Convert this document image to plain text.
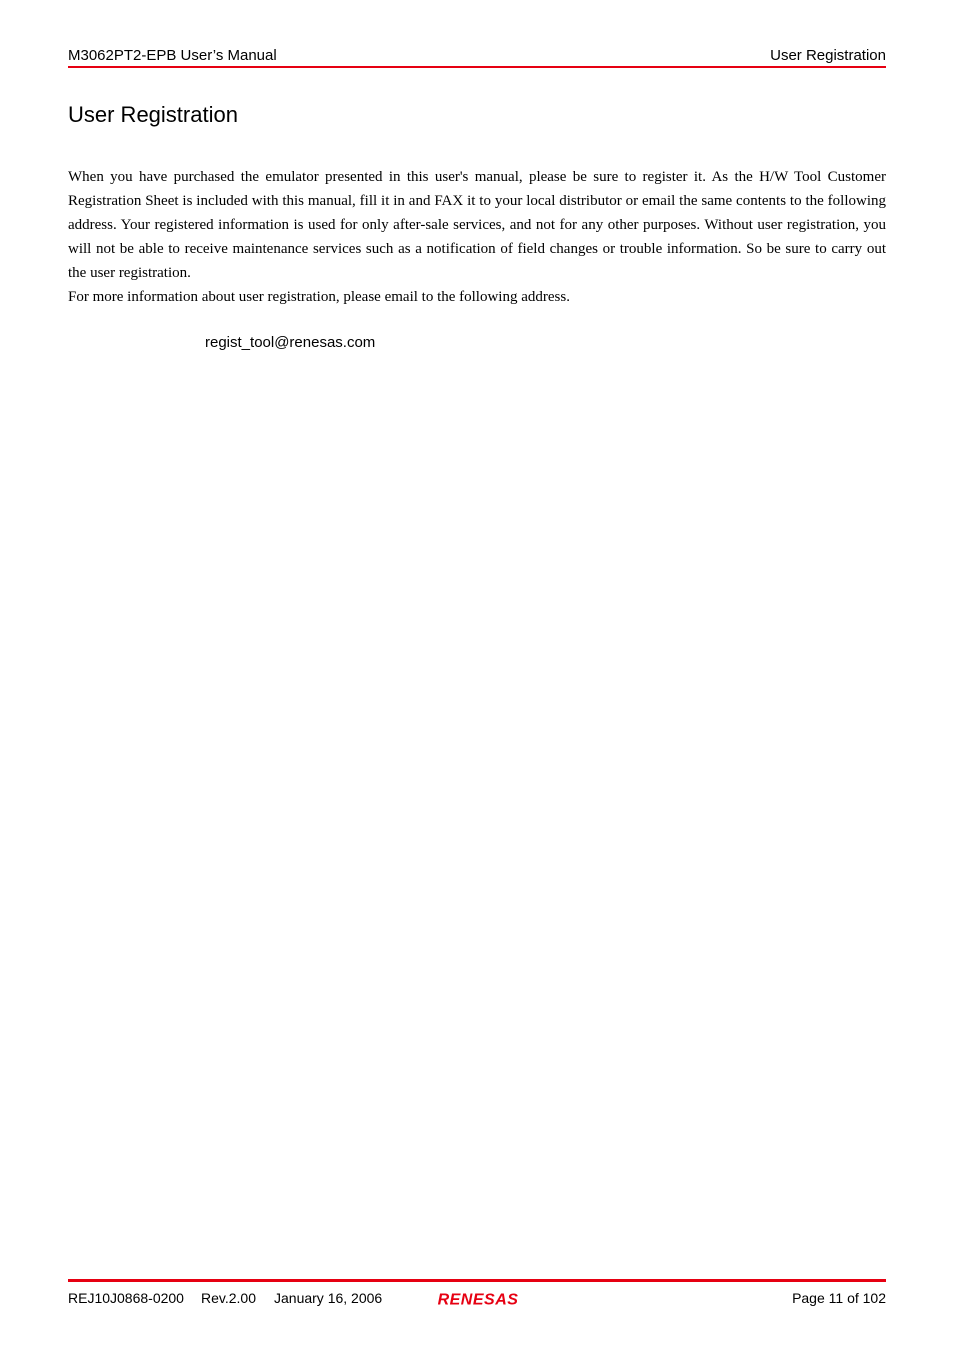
M3062PT2-EPB User’s Manual	User Registration
User Registration

When you have purchased the emulator presented in this user's manual, please be sure to register it. As the H/W Tool Customer Registration Sheet is included with this manual, fill it in and FAX it to your local distributor or email the same contents to the following address. Your registered information is used for only after-sale services, and not for any other purposes. Without user registration, you will not be able to receive maintenance services such as a notification of field changes or trouble information. So be sure to carry out the user registration.

For more information about user registration, please email to the following address.

regist_tool@renesas.com
REJ10J0868-0200 Rev.2.00 January 16, 2006	RENESAS	Page 11 of 102
